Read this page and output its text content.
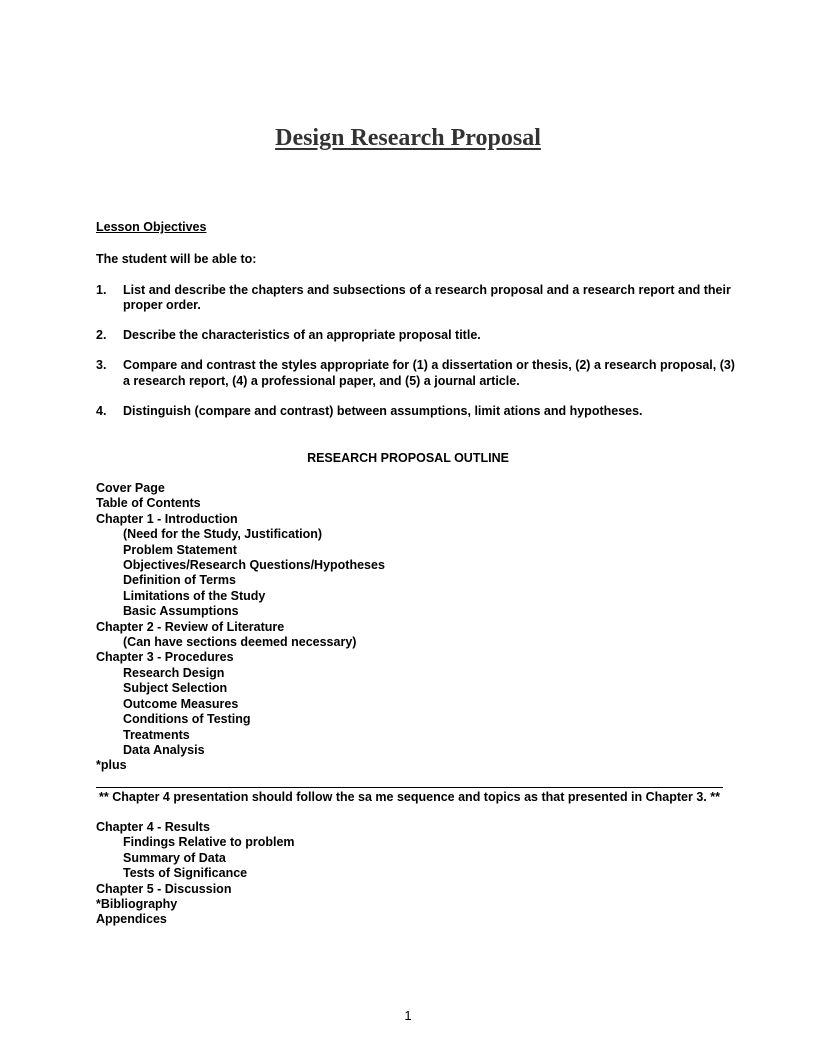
Design Research Proposal
Lesson Objectives
The student will be able to:
1. List and describe the chapters and subsections of a research proposal and a research report and their proper order.
2. Describe the characteristics of an appropriate proposal title.
3. Compare and contrast the styles appropriate for (1) a dissertation or thesis, (2) a research proposal, (3) a research report, (4) a professional paper, and (5) a journal article.
4. Distinguish (compare and contrast) between assumptions, limit ations and hypotheses.
RESEARCH PROPOSAL OUTLINE
Cover Page
Table of Contents
Chapter 1 - Introduction
(Need for the Study, Justification)
Problem Statement
Objectives/Research Questions/Hypotheses
Definition of Terms
Limitations of the Study
Basic Assumptions
Chapter 2 - Review of Literature
(Can have sections deemed necessary)
Chapter 3 - Procedures
Research Design
Subject Selection
Outcome Measures
Conditions of Testing
Treatments
Data Analysis
*plus
** Chapter 4 presentation should follow the sa me sequence and topics as that presented in Chapter 3. **
Chapter 4 - Results
Findings Relative to problem
Summary of Data
Tests of Significance
Chapter 5 - Discussion
*Bibliography
Appendices
1
